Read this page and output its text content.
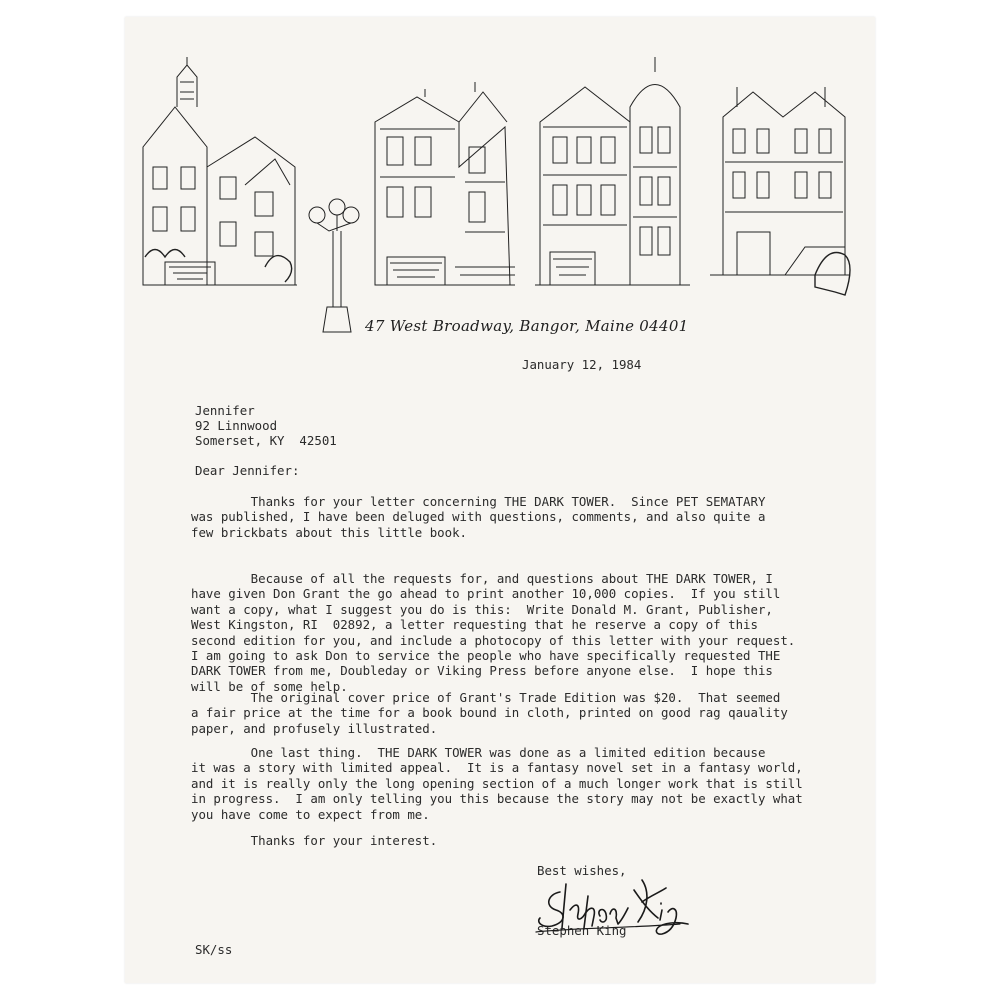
47 West Broadway, Bangor, Maine 04401
January 12, 1984
Jennifer
92 Linnwood
Somerset, KY  42501
Dear Jennifer:
Thanks for your letter concerning THE DARK TOWER.  Since PET SEMATARY
was published, I have been deluged with questions, comments, and also quite a
few brickbats about this little book.
Because of all the requests for, and questions about THE DARK TOWER, I
have given Don Grant the go ahead to print another 10,000 copies.  If you still
want a copy, what I suggest you do is this:  Write Donald M. Grant, Publisher,
West Kingston, RI  02892, a letter requesting that he reserve a copy of this
second edition for you, and include a photocopy of this letter with your request.
I am going to ask Don to service the people who have specifically requested THE
DARK TOWER from me, Doubleday or Viking Press before anyone else.  I hope this
will be of some help.
The original cover price of Grant's Trade Edition was $20.  That seemed
a fair price at the time for a book bound in cloth, printed on good rag qauality
paper, and profusely illustrated.
One last thing.  THE DARK TOWER was done as a limited edition because
it was a story with limited appeal.  It is a fantasy novel set in a fantasy world,
and it is really only the long opening section of a much longer work that is still
in progress.  I am only telling you this because the story may not be exactly what
you have come to expect from me.
Thanks for your interest.
Best wishes,
Stephen King
SK/ss
